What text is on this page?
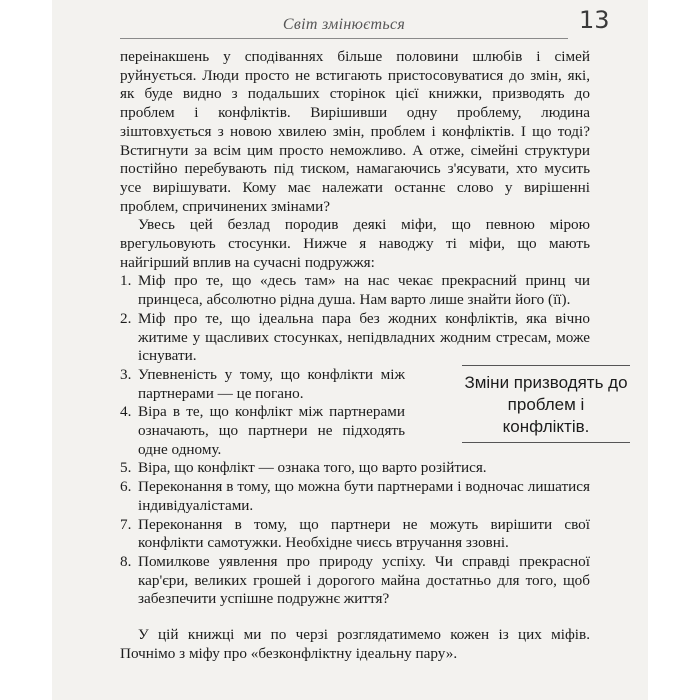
Світ змінюється	13

переінакшень у сподіваннях більше половини шлюбів і сімей руйнується. Люди просто не встигають пристосовуватися до змін, які, як буде видно з подальших сторінок цієї книжки, призводять до проблем і конфліктів. Вирішивши одну проблему, людина зіштовхується з новою хвилею змін, проблем і конфліктів. І що тоді? Встигнути за всім цим просто неможливо. А отже, сімейні структури постійно перебувають під тиском, намагаючись з'ясувати, хто мусить усе вирішувати. Кому має належати останнє слово у вирішенні проблем, спричинених змінами?

Увесь цей безлад породив деякі міфи, що певною мірою врегульовують стосунки. Нижче я наводжу ті міфи, що мають найгірший вплив на сучасні подружжя:

1. Міф про те, що «десь там» на нас чекає прекрасний принц чи принцеса, абсолютно рідна душа. Нам варто лише знайти його (її).
2. Міф про те, що ідеальна пара без жодних конфліктів, яка вічно житиме у щасливих стосунках, непідвладних жодним стресам, може існувати.
3. Упевненість у тому, що конфлікти між партнерами — це погано.
4. Віра в те, що конфлікт між партнерами означають, що партнери не підходять одне одному.
5. Віра, що конфлікт — ознака того, що варто розійтися.
6. Переконання в тому, що можна бути партнерами і водночас лишатися індивідуалістами.
7. Переконання в тому, що партнери не можуть вирішити свої конфлікти самотужки. Необхідне чиєсь втручання ззовні.
8. Помилкове уявлення про природу успіху. Чи справді прекрасної кар'єри, великих грошей і дорогого майна достатньо для того, щоб забезпечити успішне подружнє життя?

У цій книжці ми по черзі розглядатимемо кожен із цих міфів. Почнімо з міфу про «безконфліктну ідеальну пару».

Зміни призводять до проблем і конфліктів.
